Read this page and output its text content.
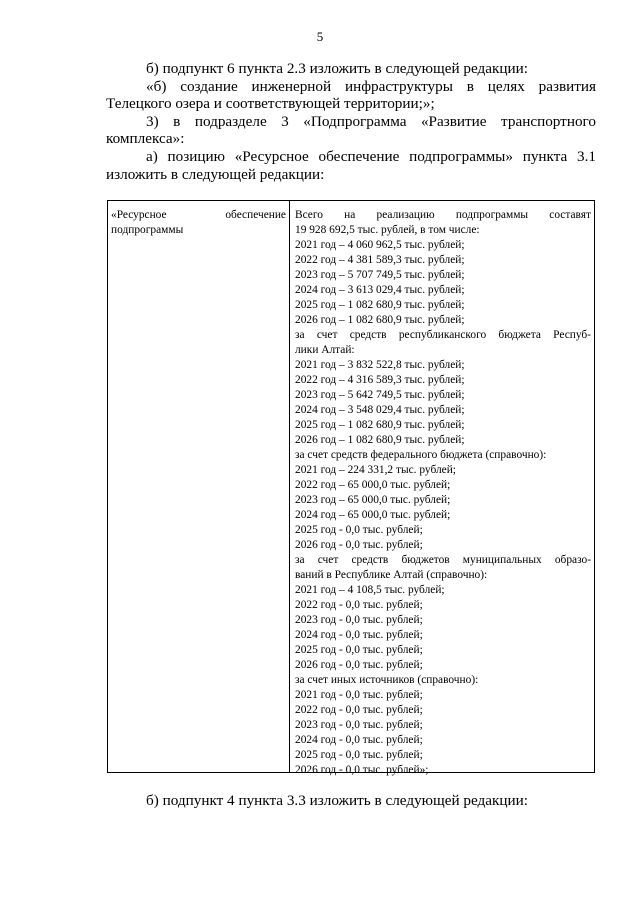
5

б) подпункт 6 пункта 2.3 изложить в следующей редакции:

«б) создание инженерной инфраструктуры в целях развития Телецкого озера и соответствующей территории;»;

3) в подразделе 3 «Подпрограмма «Развитие транспортного комплекса»:

а) позицию «Ресурсное обеспечение подпрограммы» пункта 3.1 изложить в следующей редакции:

«Ресурсное обеспечение подпрограммы
Всего на реализацию подпрограммы составят
19 928 692,5 тыс. рублей, в том числе:
2021 год – 4 060 962,5 тыс. рублей;
2022 год – 4 381 589,3 тыс. рублей;
2023 год – 5 707 749,5 тыс. рублей;
2024 год – 3 613 029,4 тыс. рублей;
2025 год – 1 082 680,9 тыс. рублей;
2026 год – 1 082 680,9 тыс. рублей;
за счет средств республиканского бюджета Респуб-
лики Алтай:
2021 год – 3 832 522,8 тыс. рублей;
2022 год – 4 316 589,3 тыс. рублей;
2023 год – 5 642 749,5 тыс. рублей;
2024 год – 3 548 029,4 тыс. рублей;
2025 год – 1 082 680,9 тыс. рублей;
2026 год – 1 082 680,9 тыс. рублей;
за счет средств федерального бюджета (справочно):
2021 год – 224 331,2 тыс. рублей;
2022 год – 65 000,0 тыс. рублей;
2023 год – 65 000,0 тыс. рублей;
2024 год – 65 000,0 тыс. рублей;
2025 год - 0,0 тыс. рублей;
2026 год - 0,0 тыс. рублей;
за счет средств бюджетов муниципальных образо-
ваний в Республике Алтай (справочно):
2021 год – 4 108,5 тыс. рублей;
2022 год - 0,0 тыс. рублей;
2023 год - 0,0 тыс. рублей;
2024 год - 0,0 тыс. рублей;
2025 год - 0,0 тыс. рублей;
2026 год - 0,0 тыс. рублей;
за счет иных источников (справочно):
2021 год - 0,0 тыс. рублей;
2022 год - 0,0 тыс. рублей;
2023 год - 0,0 тыс. рублей;
2024 год - 0,0 тыс. рублей;
2025 год - 0,0 тыс. рублей;
2026 год - 0,0 тыс. рублей»;

б) подпункт 4 пункта 3.3 изложить в следующей редакции:
